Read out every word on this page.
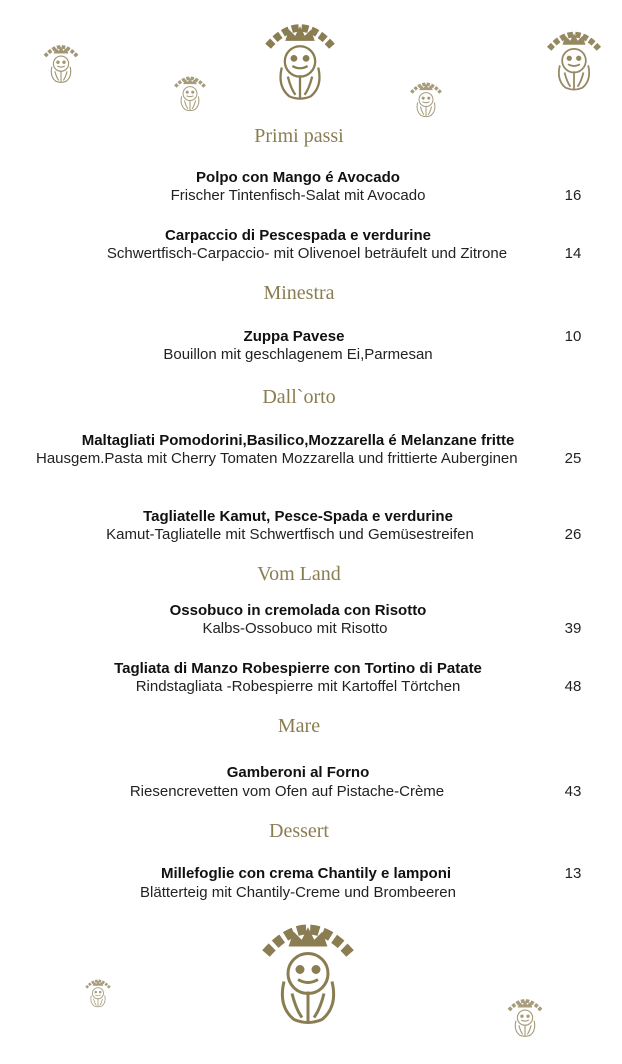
Primi passi
Polpo con Mango é Avocado
Frischer Tintenfisch-Salat mit Avocado	16
Carpaccio di Pescespada e verdurine
Schwertfisch-Carpaccio- mit Olivenoel beträufelt und Zitrone	14
Minestra
Zuppa Pavese	10
Bouillon mit geschlagenem Ei,Parmesan
Dall`orto
Maltagliati Pomodorini,Basilico,Mozzarella é Melanzane fritte
Hausgem.Pasta mit Cherry Tomaten Mozzarella und frittierte Auberginen	25
Tagliatelle Kamut, Pesce-Spada e verdurine
Kamut-Tagliatelle mit Schwertfisch und Gemüsestreifen	26
Vom Land
Ossobuco in cremolada con Risotto
Kalbs-Ossobuco mit Risotto	39
Tagliata di Manzo Robespierre con Tortino di Patate
Rindstagliata -Robespierre mit Kartoffel Törtchen	48
Mare
Gamberoni al Forno
Riesencrevetten vom Ofen auf Pistache-Crème	43
Dessert
Millefoglie con crema Chantily e lamponi	13
Blätterteig mit Chantily-Creme und Brombeeren
